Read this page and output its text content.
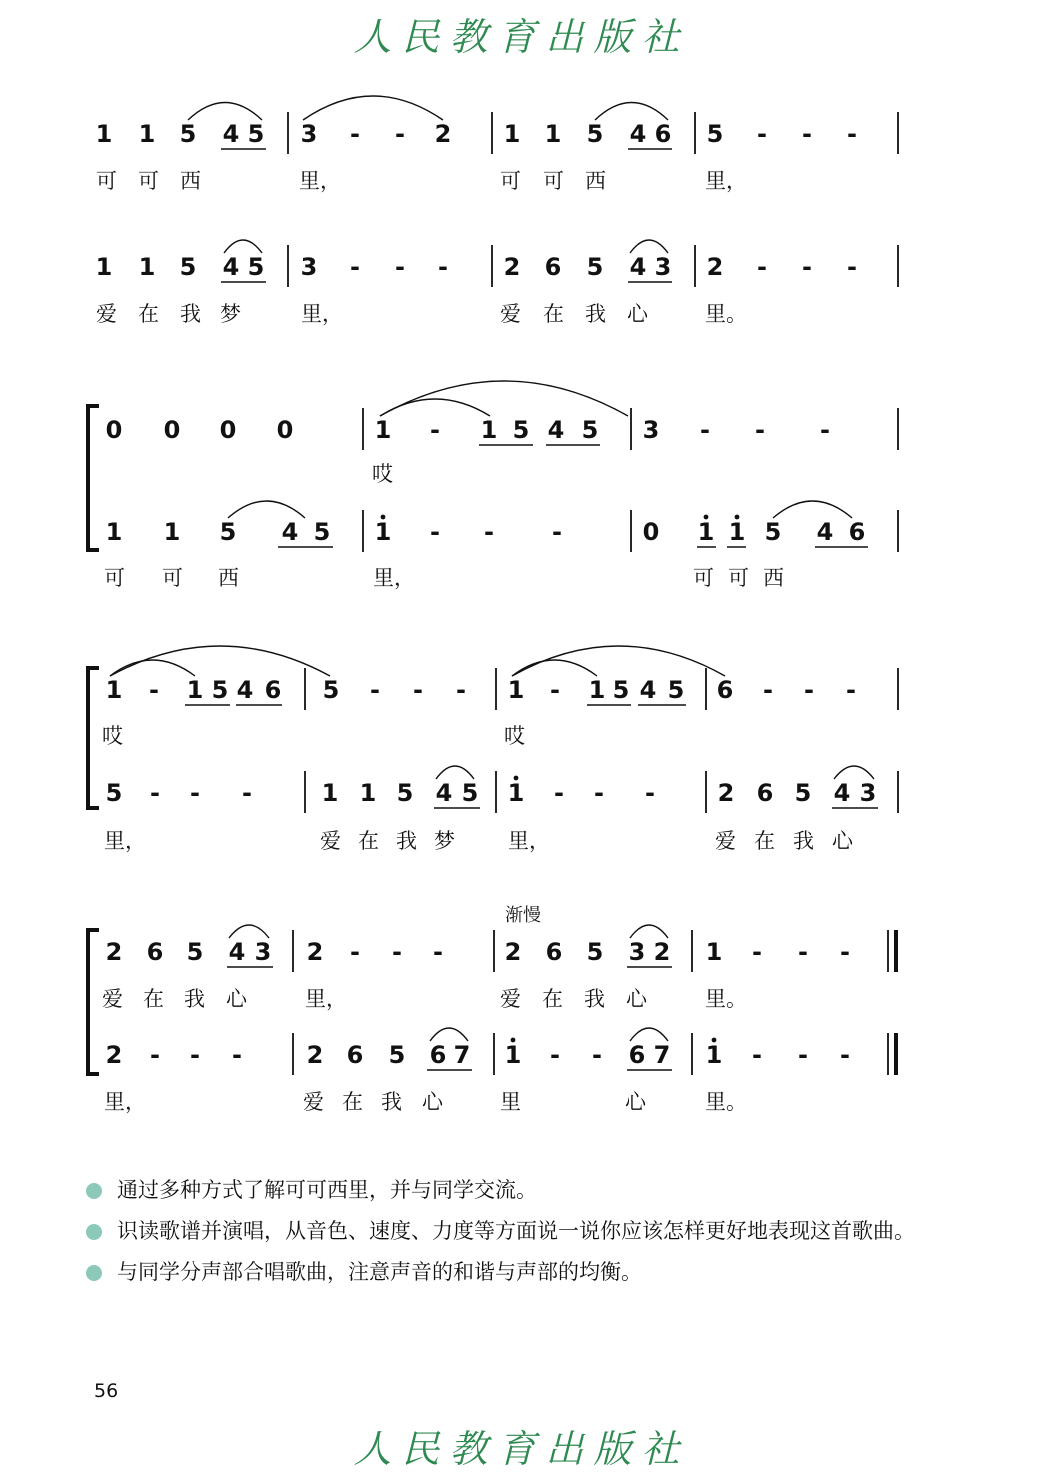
人民教育出版社
1 1 5 4 5 3 - - 2 1 1 5 4 6 5 - - -
可 可 西	里，	可 可 西	里，
1 1 5 4 5 3 - - - 2 6 5 4 3 2 - - -
爱 在 我 梦	里，	爱 在 我 心	里。
0 0 0 0	1 - 1 5 4 5 3 - - -
哎
1 1 5 4 5 1 - - -	0 1 1 5 4 6
可 可 西	里，	可 可 西
1 - 1 5 4 6 5 - - - 1 - 1 5 4 5 6 - - -
哎	哎
5 - - -	1 1 5 4 5 1 - - -	2 6 5 4 3
里，	爱 在 我 梦	里，	爱 在 我 心
渐慢
2 6 5 4 3 2 - - -	2 6 5 3 2 1 - - -
爱 在 我 心	里，	爱 在 我 心	里。
2 - - -	2 6 5 6 7 1 - - 6 7 1 - - -
里，	爱 在 我 心	里	心	里。
通过多种方式了解可可西里，并与同学交流。
识读歌谱并演唱，从音色、速度、力度等方面说一说你应该怎样更好地表现这首歌曲。
与同学分声部合唱歌曲，注意声音的和谐与声部的均衡。
56
人民教育出版社
